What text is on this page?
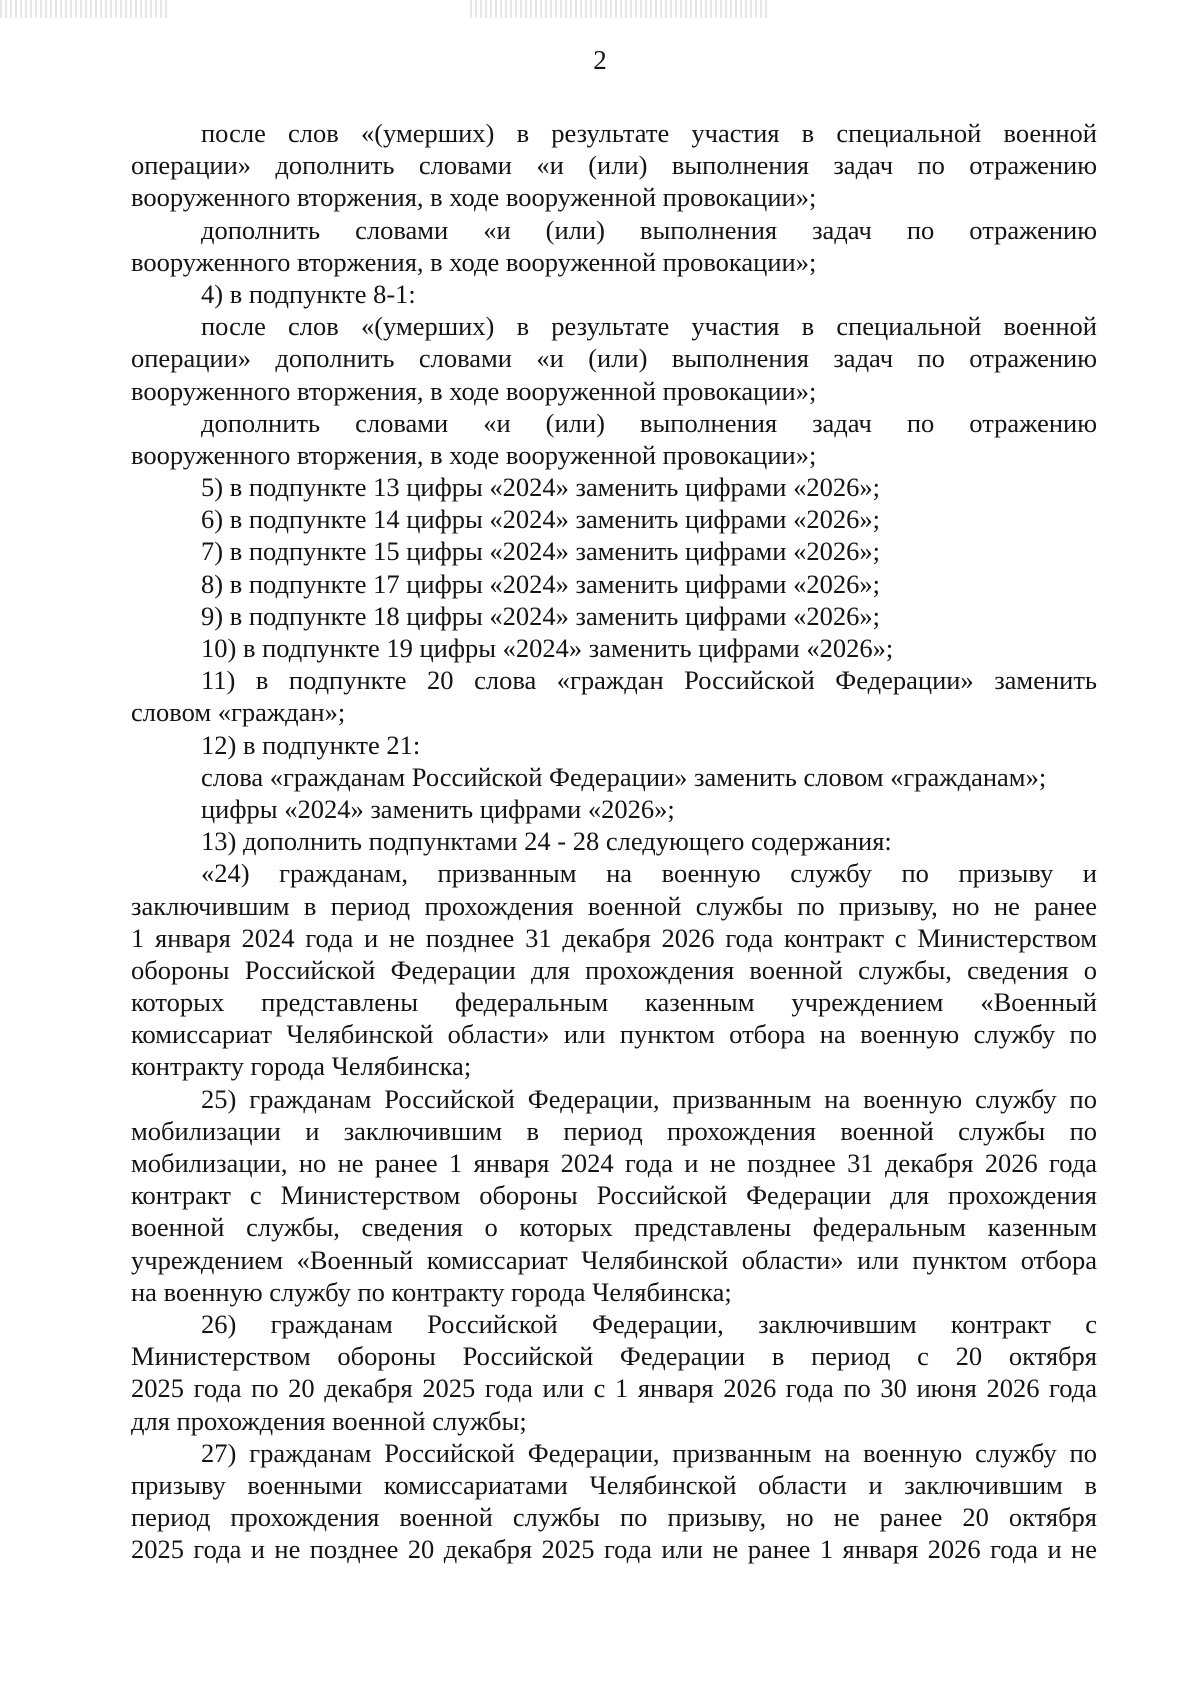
2
после слов «(умерших) в результате участия в специальной военной
операции» дополнить словами «и (или) выполнения задач по отражению
вооруженного вторжения, в ходе вооруженной провокации»;
дополнить словами «и (или) выполнения задач по отражению
вооруженного вторжения, в ходе вооруженной провокации»;
4) в подпункте 8-1:
после слов «(умерших) в результате участия в специальной военной
операции» дополнить словами «и (или) выполнения задач по отражению
вооруженного вторжения, в ходе вооруженной провокации»;
дополнить словами «и (или) выполнения задач по отражению
вооруженного вторжения, в ходе вооруженной провокации»;
5) в подпункте 13 цифры «2024» заменить цифрами «2026»;
6) в подпункте 14 цифры «2024» заменить цифрами «2026»;
7) в подпункте 15 цифры «2024» заменить цифрами «2026»;
8) в подпункте 17 цифры «2024» заменить цифрами «2026»;
9) в подпункте 18 цифры «2024» заменить цифрами «2026»;
10) в подпункте 19 цифры «2024» заменить цифрами «2026»;
11) в подпункте 20 слова «граждан Российской Федерации» заменить
словом «граждан»;
12) в подпункте 21:
слова «гражданам Российской Федерации» заменить словом «гражданам»;
цифры «2024» заменить цифрами «2026»;
13) дополнить подпунктами 24 - 28 следующего содержания:
«24) гражданам, призванным на военную службу по призыву и
заключившим в период прохождения военной службы по призыву, но не ранее
1 января 2024 года и не позднее 31 декабря 2026 года контракт с Министерством
обороны Российской Федерации для прохождения военной службы, сведения о
которых представлены федеральным казенным учреждением «Военный
комиссариат Челябинской области» или пунктом отбора на военную службу по
контракту города Челябинска;
25) гражданам Российской Федерации, призванным на военную службу по
мобилизации и заключившим в период прохождения военной службы по
мобилизации, но не ранее 1 января 2024 года и не позднее 31 декабря 2026 года
контракт с Министерством обороны Российской Федерации для прохождения
военной службы, сведения о которых представлены федеральным казенным
учреждением «Военный комиссариат Челябинской области» или пунктом отбора
на военную службу по контракту города Челябинска;
26) гражданам Российской Федерации, заключившим контракт с
Министерством обороны Российской Федерации в период с 20 октября
2025 года по 20 декабря 2025 года или с 1 января 2026 года по 30 июня 2026 года
для прохождения военной службы;
27) гражданам Российской Федерации, призванным на военную службу по
призыву военными комиссариатами Челябинской области и заключившим в
период прохождения военной службы по призыву, но не ранее 20 октября
2025 года и не позднее 20 декабря 2025 года или не ранее 1 января 2026 года и не
